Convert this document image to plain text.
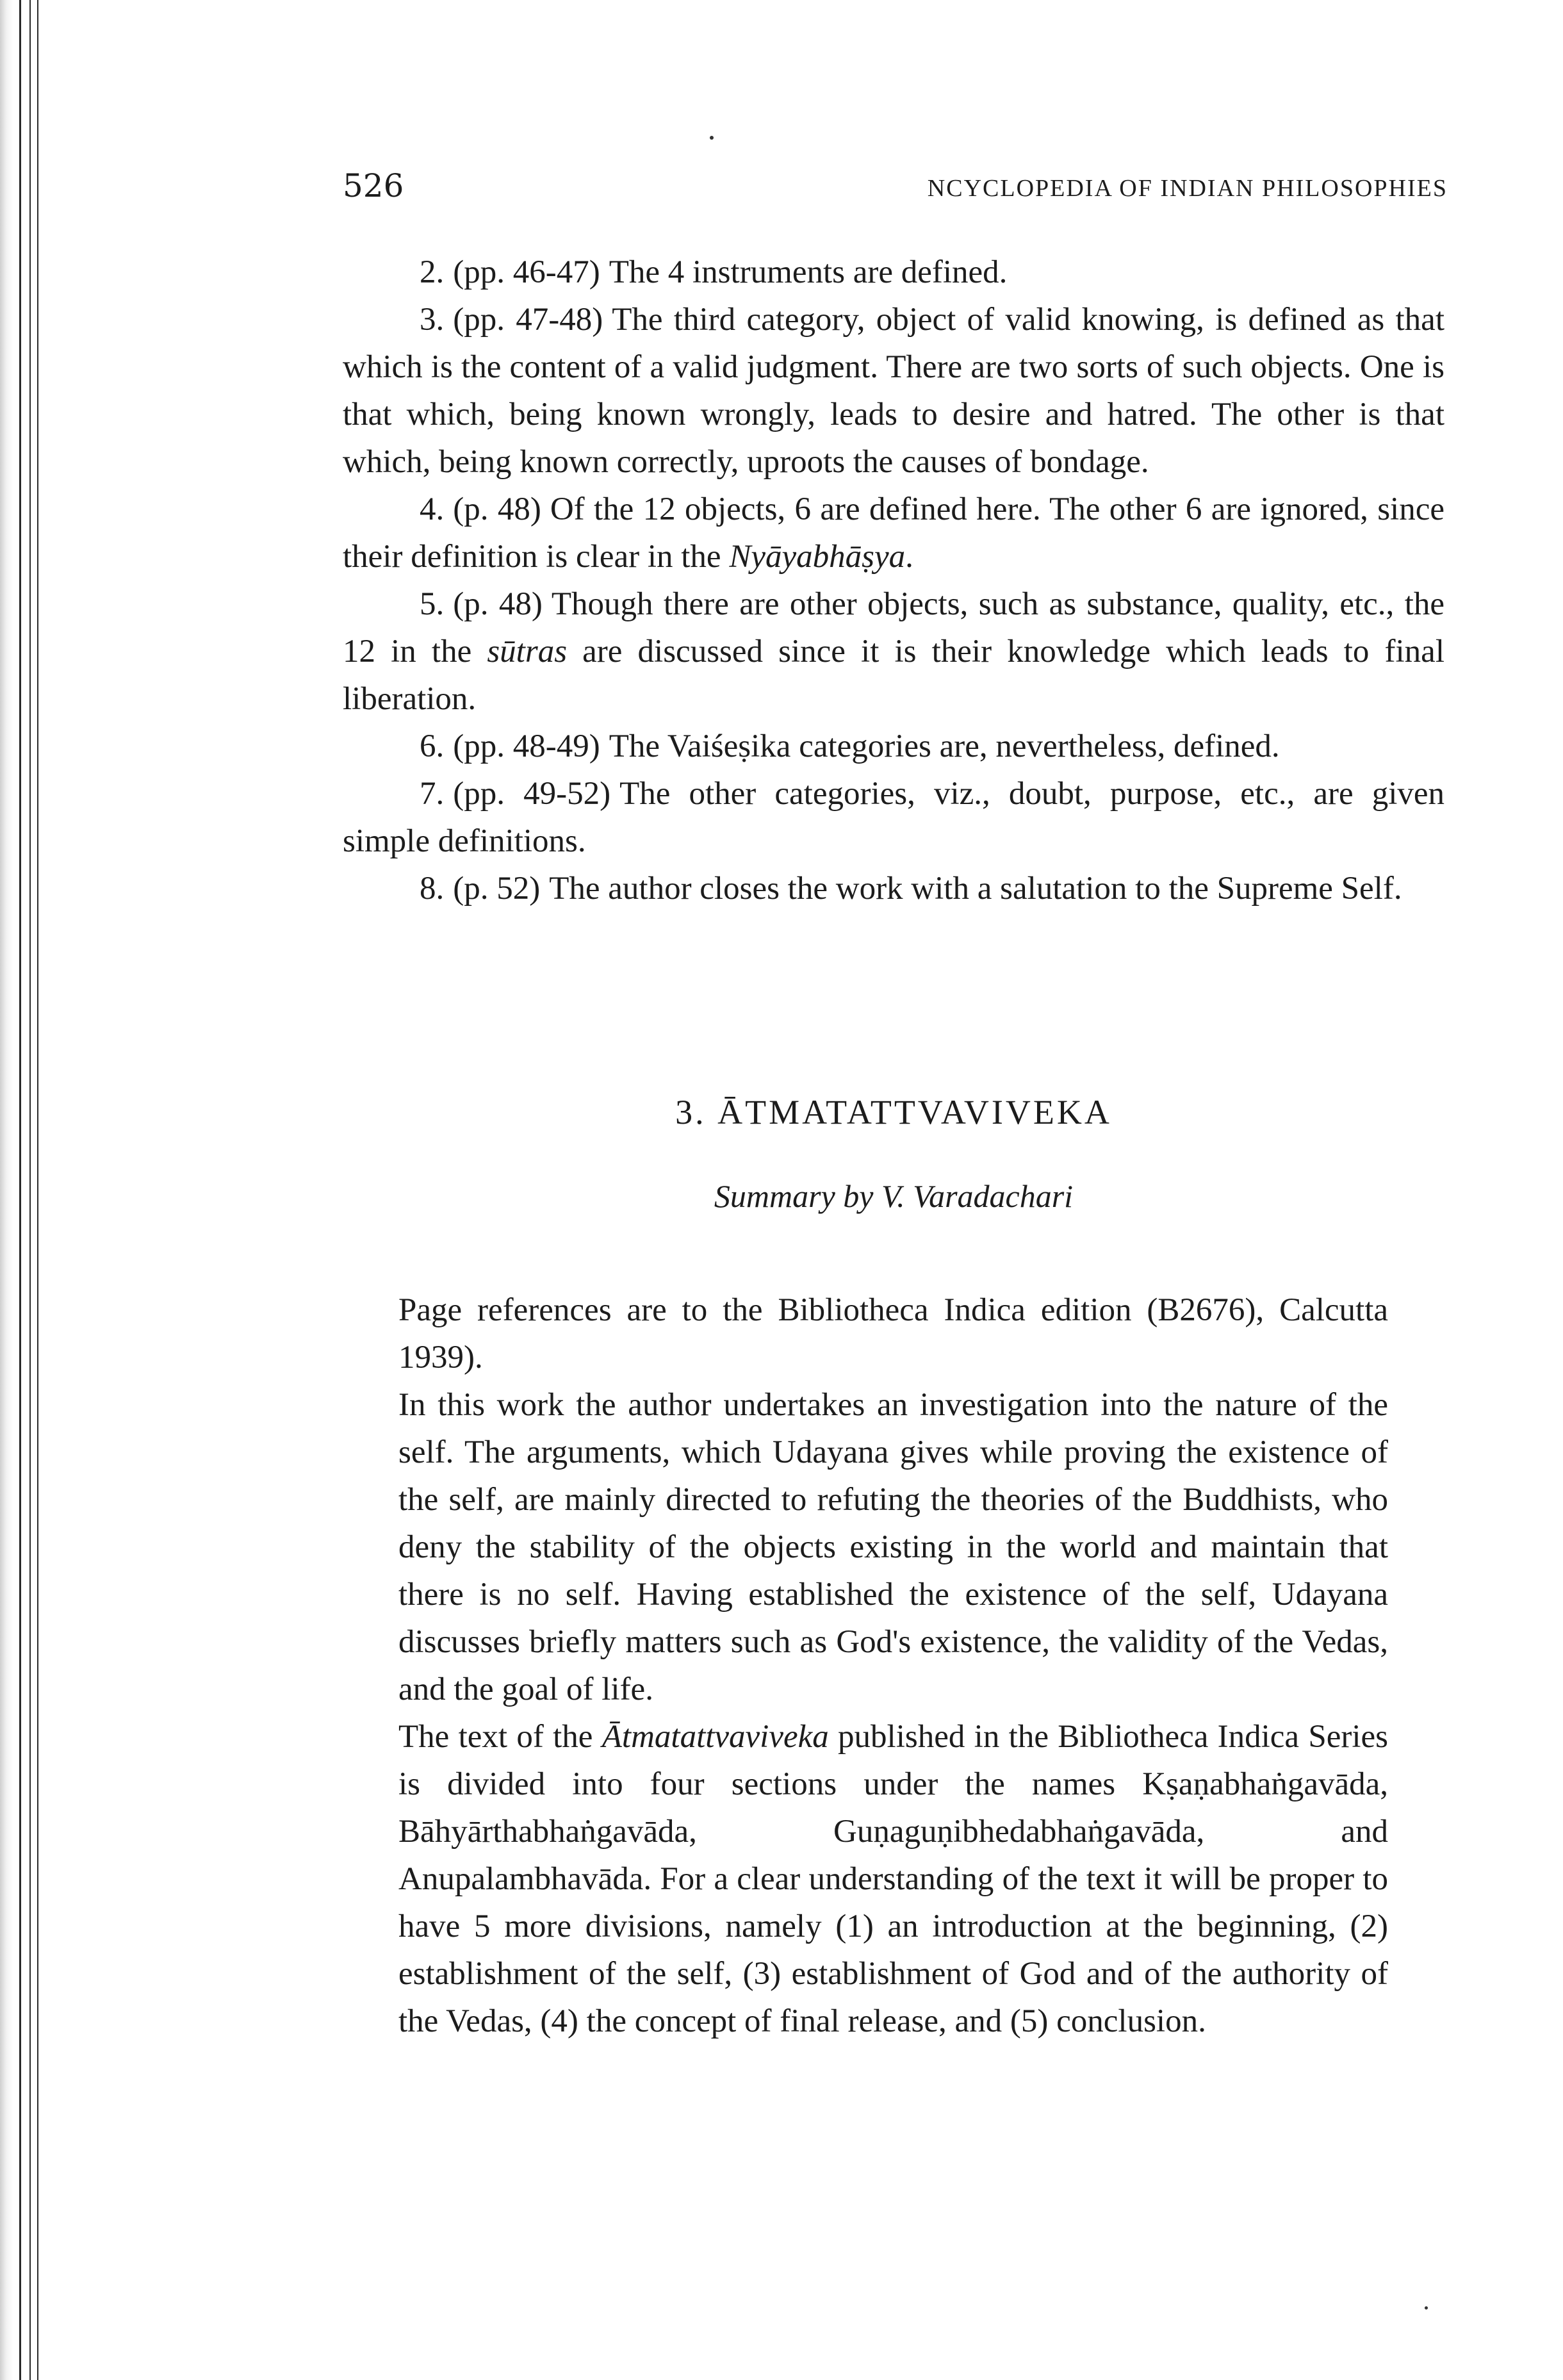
526	NCYCLOPEDIA OF INDIAN PHILOSOPHIES
2. (pp. 46-47) The 4 instruments are defined.
3. (pp. 47-48) The third category, object of valid knowing, is defined as that which is the content of a valid judgment. There are two sorts of such objects. One is that which, being known wrongly, leads to desire and hatred. The other is that which, being known correctly, uproots the causes of bondage.
4. (p. 48) Of the 12 objects, 6 are defined here. The other 6 are ignored, since their definition is clear in the Nyāyabhāṣya.
5. (p. 48) Though there are other objects, such as substance, quality, etc., the 12 in the sūtras are discussed since it is their knowledge which leads to final liberation.
6. (pp. 48-49) The Vaiśeṣika categories are, nevertheless, defined.
7. (pp. 49-52) The other categories, viz., doubt, purpose, etc., are given simple definitions.
8. (p. 52) The author closes the work with a salutation to the Supreme Self.
3. ĀTMATATTVAVIVEKA

Summary by V. Varadachari

Page references are to the Bibliotheca Indica edition (B2676), Calcutta 1939).

In this work the author undertakes an investigation into the nature of the self. The arguments, which Udayana gives while proving the existence of the self, are mainly directed to refuting the theories of the Buddhists, who deny the stability of the objects existing in the world and maintain that there is no self. Having established the existence of the self, Udayana discusses briefly matters such as God's existence, the validity of the Vedas, and the goal of life.

The text of the Ātmatattvaviveka published in the Bibliotheca Indica Series is divided into four sections under the names Kṣaṇabhaṅgavāda, Bāhyārthabhaṅgavāda, Guṇaguṇibhedabhaṅgavāda, and Anupalambhavāda. For a clear understanding of the text it will be proper to have 5 more divisions, namely (1) an introduction at the beginning, (2) establishment of the self, (3) establishment of God and of the authority of the Vedas, (4) the concept of final release, and (5) conclusion.
